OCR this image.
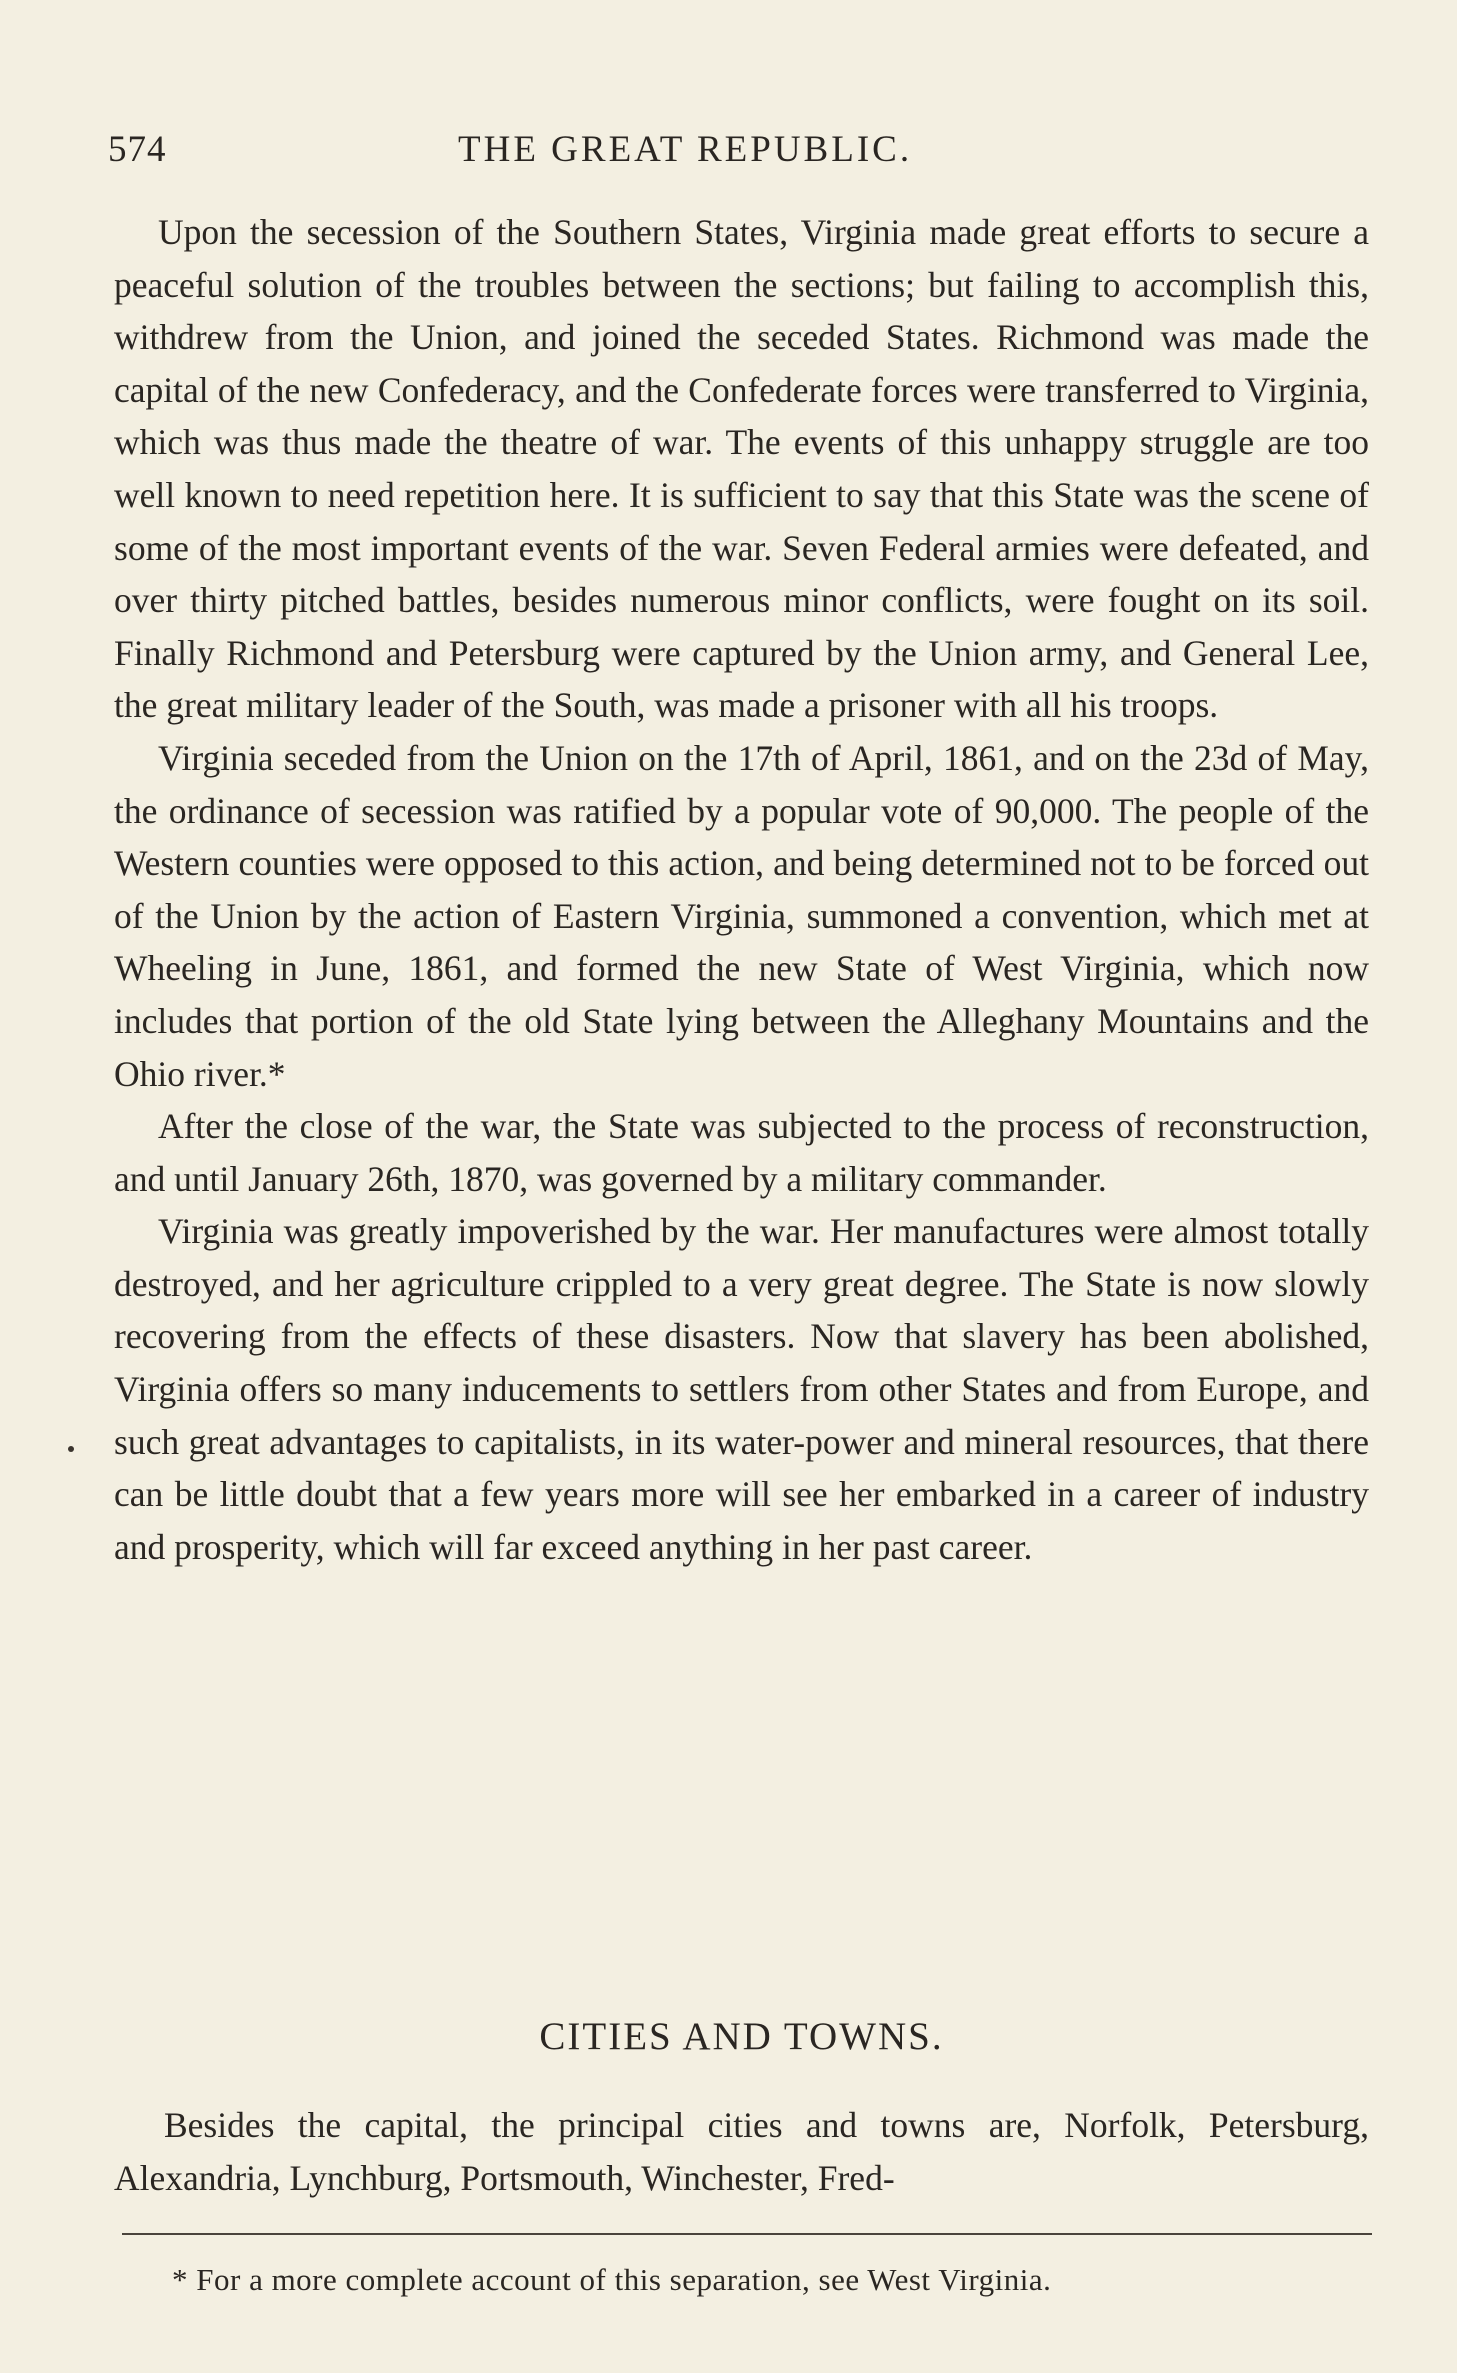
574	THE GREAT REPUBLIC.

Upon the secession of the Southern States, Virginia made great efforts to secure a peaceful solution of the troubles between the sections; but failing to accomplish this, withdrew from the Union, and joined the seceded States. Richmond was made the capital of the new Confederacy, and the Confederate forces were transferred to Virginia, which was thus made the theatre of war. The events of this unhappy struggle are too well known to need repetition here. It is sufficient to say that this State was the scene of some of the most important events of the war. Seven Federal armies were defeated, and over thirty pitched battles, besides numerous minor conflicts, were fought on its soil. Finally Richmond and Petersburg were captured by the Union army, and General Lee, the great military leader of the South, was made a prisoner with all his troops.

Virginia seceded from the Union on the 17th of April, 1861, and on the 23d of May, the ordinance of secession was ratified by a popular vote of 90,000. The people of the Western counties were opposed to this action, and being determined not to be forced out of the Union by the action of Eastern Virginia, summoned a convention, which met at Wheeling in June, 1861, and formed the new State of West Virginia, which now includes that portion of the old State lying between the Alleghany Mountains and the Ohio river.*

After the close of the war, the State was subjected to the process of reconstruction, and until January 26th, 1870, was governed by a military commander.

Virginia was greatly impoverished by the war. Her manufactures were almost totally destroyed, and her agriculture crippled to a very great degree. The State is now slowly recovering from the effects of these disasters. Now that slavery has been abolished, Virginia offers so many inducements to settlers from other States and from Europe, and such great advantages to capitalists, in its water-power and mineral resources, that there can be little doubt that a few years more will see her embarked in a career of industry and prosperity, which will far exceed anything in her past career.

CITIES AND TOWNS.

Besides the capital, the principal cities and towns are, Norfolk, Petersburg, Alexandria, Lynchburg, Portsmouth, Winchester, Fred-

* For a more complete account of this separation, see West Virginia.
